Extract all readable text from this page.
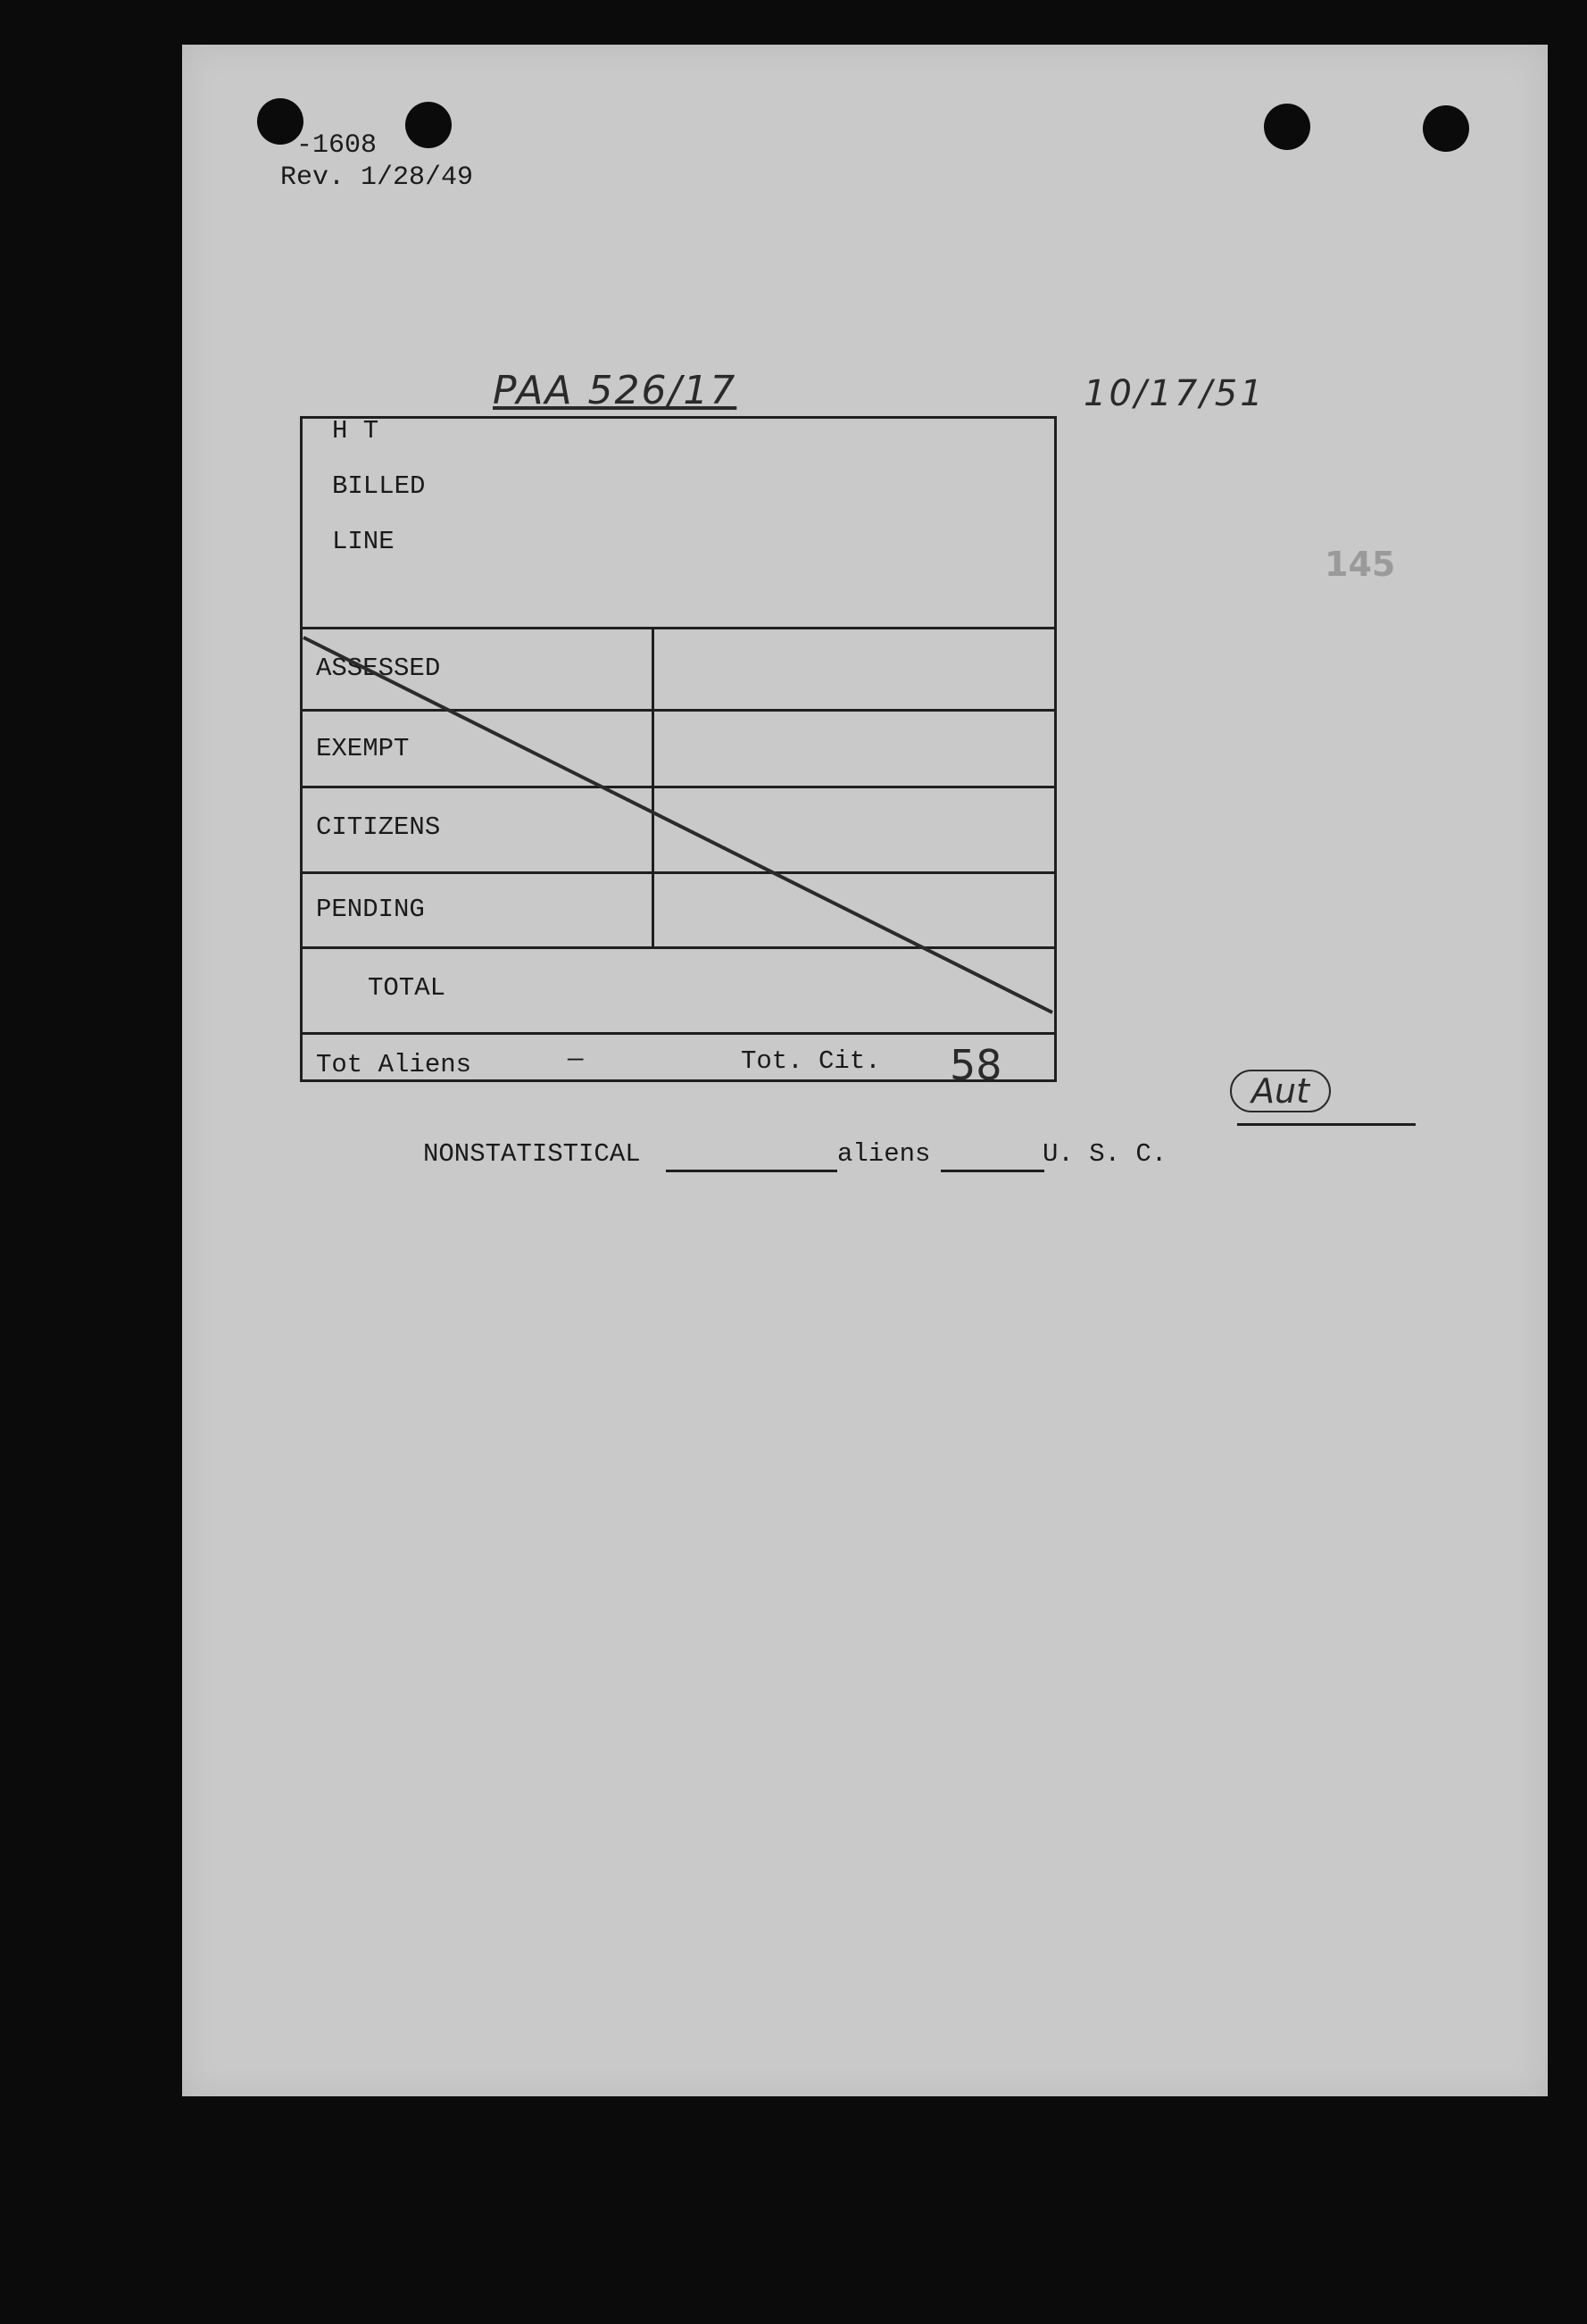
-1608
Rev. 1/28/49
PAA 526/17	10/17/51
145
H T
BILLED
LINE
ASSESSED
EXEMPT
CITIZENS
PENDING
TOTAL
Tot Aliens	—	Tot. Cit. 58
Aut
NONSTATISTICAL	aliens	U. S. C.
